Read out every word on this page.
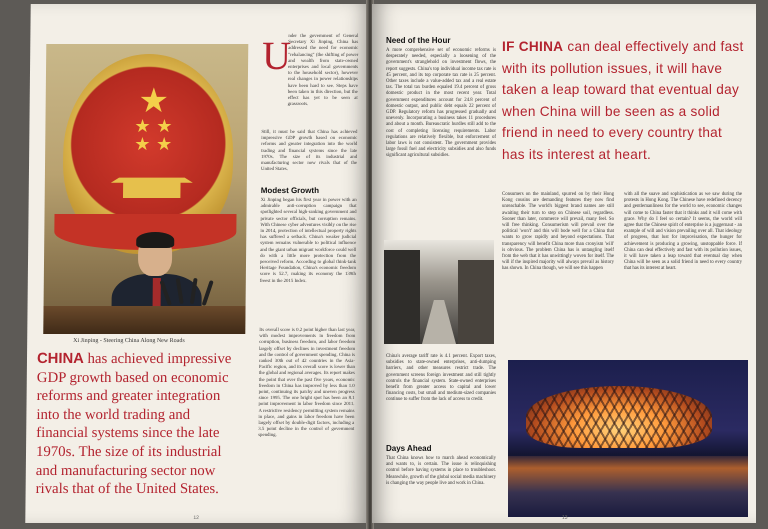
★
★ ★
★ ★
Xi Jinping - Steering China Along New Roads
U
nder the government of General Secretary Xi Jinping, China has addressed the need for economic "rebalancing" (the shifting of power and wealth from state-owned enterprises and local governments to the household sector), however real changes in power relationships have been hard to see. Steps have been taken in this direction, but the effect has yet to be seen at grassroots.
Still, it must be said that China has achieved impressive GDP growth based on economic reforms and greater integration into the world trading and financial systems since the late 1970s. The size of its industrial and manufacturing sector now rivals that of the United States.
Modest Growth
Xi Jinping began his first year in power with an admirable anti-corruption campaign that spotlighted several high-ranking government and private sector officials, but corruption remains. With Chinese cyber adventures visibly on the rise in 2014, protection of intellectual property rights has suffered a setback. China's weaker judicial system remains vulnerable to political influence and the giant urban migrant workforce could well do with a little more protection from the perceived reform. According to global think-tank Heritage Foundation, China's economic freedom score is 52.7, making its economy the 139th freest in the 2015 Index.
Its overall score is 0.2 point higher than last year, with modest improvements in freedom from corruption, business freedom, and labor freedom largely offset by declines in investment freedom and the control of government spending. China is ranked 30th out of 42 countries in the Asia-Pacific region, and its overall score is lower than the global and regional averages. Its report makes the point that over the past five years, economic freedom in China has improved by less than 1.0 point, continuing its patchy and uneven progress since 1995. The one bright spot has been an 8.1 point improvement in labor freedom since 2011. A restrictive residency permitting system remains in place, and gains in labor freedom have been largely offset by double-digit factors, including a 3.5 point decline in the control of government spending.
CHINA has achieved impressive GDP growth based on economic reforms and greater integration into the world trading and financial systems since the late 1970s. The size of its industrial and manufacturing sector now rivals that of the United States.
12
Need of the Hour
A more comprehensive set of economic reforms is desperately needed, especially a loosening of the government's stranglehold on investment flows, the report suggests. China's top individual income tax rate is 45 percent, and its top corporate tax rate is 25 percent. Other taxes include a value-added tax and a real estate tax. The total tax burden equaled 19.4 percent of gross domestic product in the most recent year. Total government expenditures account for 24.8 percent of domestic output, and public debt equals 22 percent of GDP. Regulatory reform has progressed gradually and unevenly. Incorporating a business takes 11 procedures and about a month. Bureaucratic hurdles still add to the cost of completing licensing requirements. Labor regulations are relatively flexible, but enforcement of labor laws is not consistent. The government provides large fossil fuel and electricity subsidies and also funds significant agricultural subsidies.
IF CHINA can deal effectively and fast with its pollution issues, it will have taken a leap toward that eventual day when China will be seen as a solid friend in need to every country that has its interest at heart.
Consumers on the mainland, spurred on by their Hong Kong cousins are demanding features they now find unreachable. The world's biggest brand names are still awaiting their turn to step on Chinese soil, regardless. Sooner than later, commerce will prevail, many feel. So will free thinking. Consumerism will prevail over the political 'won't' and this will bode well for a China that wants to grow rapidly and beyond expectations. That transparency will benefit China more than cronyism 'will' is obvious. The problem China has is untangling itself from the web that it has unwittingly woven for itself. The will if the inspired majority will always prevail as history has shown. In China though, we will see this happen
with all the suave and sophistication as we saw during the protests in Hong Kong. The Chinese have redefined decency and gentlemanliness for the world to see, economic changes will come to China faster that it thinks and it will come with grace. Why do I feel so certain? It seems, the world will agree that the Chinese spirit of enterprise is a juggernaut - an example of will and vision prevailing over all. That ideology of progress, that lust for improvisation, the hunger for achievement is producing a growing, unstoppable force. If China can deal effectively and fast with its pollution issues, it will have taken a leap toward that eventual day when China will be seen as a solid friend in need to every country that has its interest at heart.
China's average tariff rate is 4.1 percent. Export taxes, subsidies to state-owned enterprises, anti-dumping barriers, and other measures restrict trade. The government screens foreign investment and still tightly controls the financial system. State-owned enterprises benefit from greater access to capital and lower financing costs, but small and medium-sized companies continue to suffer from the lack of access to credit.
Days Ahead
That China knows how to march ahead economically and wants to, is certain. The issue is relinquishing control before having systems in place to troubleshoot. Meanwhile, growth of the global social media machinery is changing the way people live and work in China.
13
